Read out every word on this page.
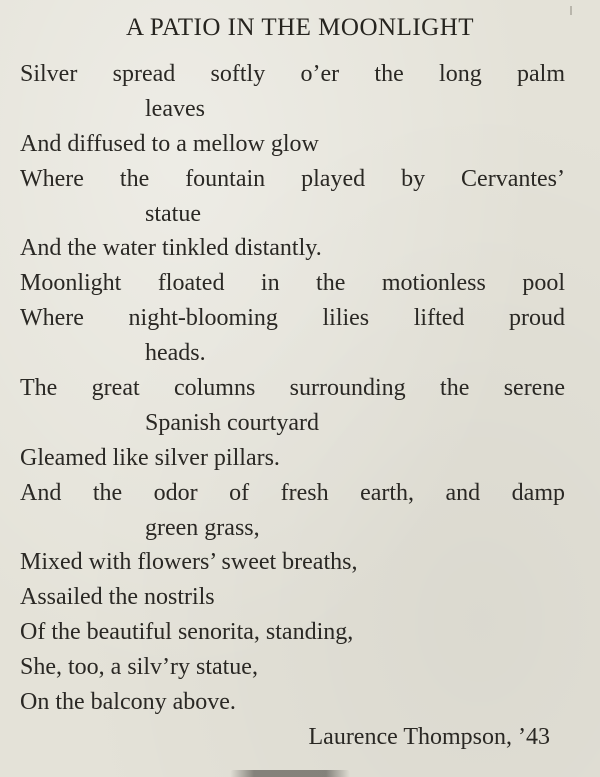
A PATIO IN THE MOONLIGHT
Silver spread softly o’er the long palm
leaves
And diffused to a mellow glow
Where the fountain played by Cervantes’
statue
And the water tinkled distantly.
Moonlight floated in the motionless pool
Where night-blooming lilies lifted proud
heads.
The great columns surrounding the serene
Spanish courtyard
Gleamed like silver pillars.
And the odor of fresh earth, and damp
green grass,
Mixed with flowers’ sweet breaths,
Assailed the nostrils
Of the beautiful senorita, standing,
She, too, a silv’ry statue,
On the balcony above.
Laurence Thompson, ’43
